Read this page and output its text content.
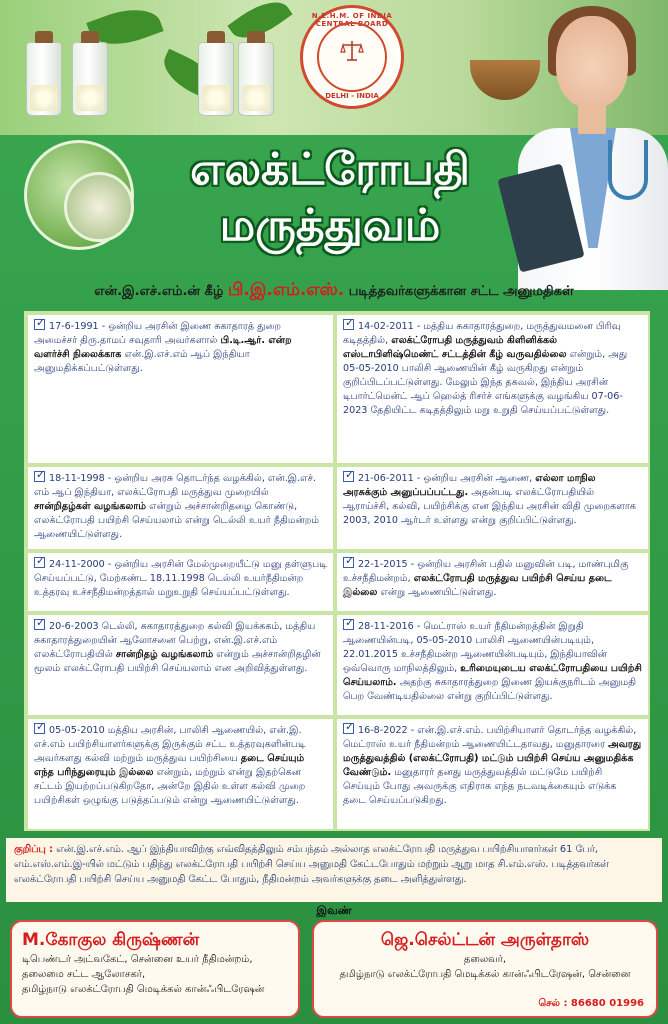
N.E.H.M. OF INDIA CENTRAL BOARD
DELHI - INDIA
எலக்ட்ரோபதி
மருத்துவம்
என்.இ.எச்.எம்.ன் கீழ் பி.இ.எம்.எஸ். படித்தவர்களுக்கான சட்ட அனுமதிகள்
✓17-6-1991 - ஒன்றிய அரசின் இணை சுகாதாரத் துறை அமைச்சர் திரு.தாமப் சவுதாரி அவர்களால் பி.டி.ஆர். என்ற வளர்ச்சி நிலைக்காக என்.இ.எச்.எம் ஆப் இந்தியா அனுமதிக்கப்பட்டுள்ளது.
✓14-02-2011 - மத்திய சுகாதாரத்துறை, மருத்துவமனை பிரிவு கடிதத்தில், எலக்ட்ரோபதி மருத்துவம் கிளினிக்கல் எஸ்டாபிளிஷ்மெண்ட் சட்டத்தின் கீழ் வருவதில்லை என்றும், அது 05-05-2010 பாலிசி ஆணையின் கீழ் வருகிறது என்றும் குறிப்பிடப்பட்டுள்ளது. மேலும் இந்த தகவல், இந்திய அரசின் டிபார்ட்மென்ட் ஆப் ஹெல்த் ரிசர்ச் எங்களுக்கு வழங்கிய 07-06-2023 தேதியிட்ட கடிதத்திலும் மறு உறுதி செய்யப்பட்டுள்ளது.
✓18-11-1998 - ஒன்றிய அரசு தொடர்ந்த வழக்கில், என்.இ.எச். எம் ஆப் இந்தியா, எலக்ட்ரோபதி மருத்துவ முறையில் சான்றிதழ்கள் வழங்கலாம் என்றும் அச்சான்றிதழை கொண்டு, எலக்ட்ரோபதி பயிற்சி செய்யலாம் என்று டெல்லி உயர் நீதிமன்றம் ஆணையிட்டுள்ளது.
✓21-06-2011 - ஒன்றிய அரசின் ஆணை, எல்லா மாநில அரசுக்கும் அனுப்பப்பட்டது. அதன்படி எலக்ட்ரோபதியில் ஆராய்ச்சி, கல்வி, பயிற்சிக்கு என இந்திய அரசின் விதி முறைகளாக 2003, 2010 ஆர்டர் உள்ளது என்று குறிப்பிட்டுள்ளது.
✓24-11-2000 - ஒன்றிய அரசின் மேல்முறையீட்டு மனு தள்ளுபடி செய்யப்பட்டு, மேற்கண்ட 18.11.1998 டெல்லி உயர்நீதிமன்ற உத்தரவு உச்சநீதிமன்றத்தால் மறுஉறுதி செய்யப்பட்டுள்ளது.
✓22-1-2015 - ஒன்றிய அரசின் பதில் மனுவின் படி, மாண்புமிகு உச்சநீதிமன்றம், எலக்ட்ரோபதி மருத்துவ பயிற்சி செய்ய தடை இல்லை என்று ஆணையிட்டுள்ளது.
✓20-6-2003 டெல்லி, சுகாதாரத்துறை கல்வி இயக்ககம், மத்திய சுகாதாரத்துறையின் ஆலோசனை பெற்று, என்.இ.எச்.எம் எலக்ட்ரோபதியில் சான்றிதழ் வழங்கலாம் என்றும் அச்சான்றிதழின் மூலம் எலக்ட்ரோபதி பயிற்சி செய்யலாம் என அறிவித்துள்ளது.
✓28-11-2016 - மெட்ராஸ் உயர் நீதிமன்றத்தின் இறுதி ஆணையின்படி, 05-05-2010 பாலிசி ஆணையின்படியும், 22.01.2015 உச்சநீதிமன்ற ஆணையின்படியும், இந்தியாவின் ஒவ்வொரு மாநிலத்திலும், உரிமையுடைய எலக்ட்ரோபதியை பயிற்சி செய்யலாம். அதற்கு சுகாதாரத்துறை இணை இயக்குநரிடம் அனுமதி பெற வேண்டியதில்லை என்று குறிப்பிட்டுள்ளது.
✓05-05-2010 மத்திய அரசின், பாலிசி ஆணையில், என்.இ. எச்.எம் பயிற்சியாளர்களுக்கு இருக்கும் சட்ட உத்தரவுகளின்படி அவர்களது கல்வி மற்றும் மருத்துவ பயிற்சியை தடை செய்யும் எந்த பரிந்துரையும் இல்லை என்றும், மற்றும் என்று இதற்கென சட்டம் இயற்றப்படுகிறதோ, அன்றே இதில் உள்ள கல்வி முறை பயிற்சிகள் ஒழுங்கு படுத்தப்படும் என்று ஆணையிட்டுள்ளது.
✓16-8-2022 - என்.இ.எச்.எம். பயிற்சியாளர் தொடர்ந்த வழக்கில், மெட்ராஸ் உயர் நீதிமன்றம் ஆணையிட்டதாவது, மனுதாரரை அவரது மருத்துவத்தில் (எலக்ட்ரோபதி) மட்டும் பயிற்சி செய்ய அனுமதிக்க வேண்டும். மனுதாரர் தனது மருத்துவத்தில் மட்டுமே பயிற்சி செய்யும் போது அவருக்கு எதிராக எந்த நடவடிக்கையும் எடுக்க தடை செய்யப்படுகிறது.
குறிப்பு : என்.இ.எச்.எம். ஆப் இந்தியாவிற்கு எவ்விதத்திலும் சம்பந்தம் அல்லாத எலக்ட்ரோபதி மருத்துவ பயிற்சியாளர்கள் 61 பேர், எம்.எஸ்.எம்.இ-யில் மட்டும் பதிந்து எலக்ட்ரோபதி பயிற்சி செய்ய அனுமதி கேட்டபோதும் மற்றும் ஆறு மாத சி.எம்.எஸ். படித்தவர்கள் எலக்ட்ரோபதி பயிற்சி செய்ய அனுமதி கேட்ட போதும், நீதிமன்றம் அவர்களுக்கு தடை அளித்துள்ளது.
இவண்
M.கோகுல கிருஷ்ணன்
டிபெண்டர் அட்வகேட், சென்னை உயர் நீதிமன்றம்,
தலைமை சட்ட ஆலோசகர்,
தமிழ்நாடு எலக்ட்ரோபதி மெடிக்கல் கான்ஃபிடரேஷன்
ஜெ.செல்ட்டன் அருள்தாஸ்
தலைவர்,
தமிழ்நாடு எலக்ட்ரோபதி மெடிக்கல் கான்ஃபிடரேஷன், சென்னை
செல் : 86680 01996
